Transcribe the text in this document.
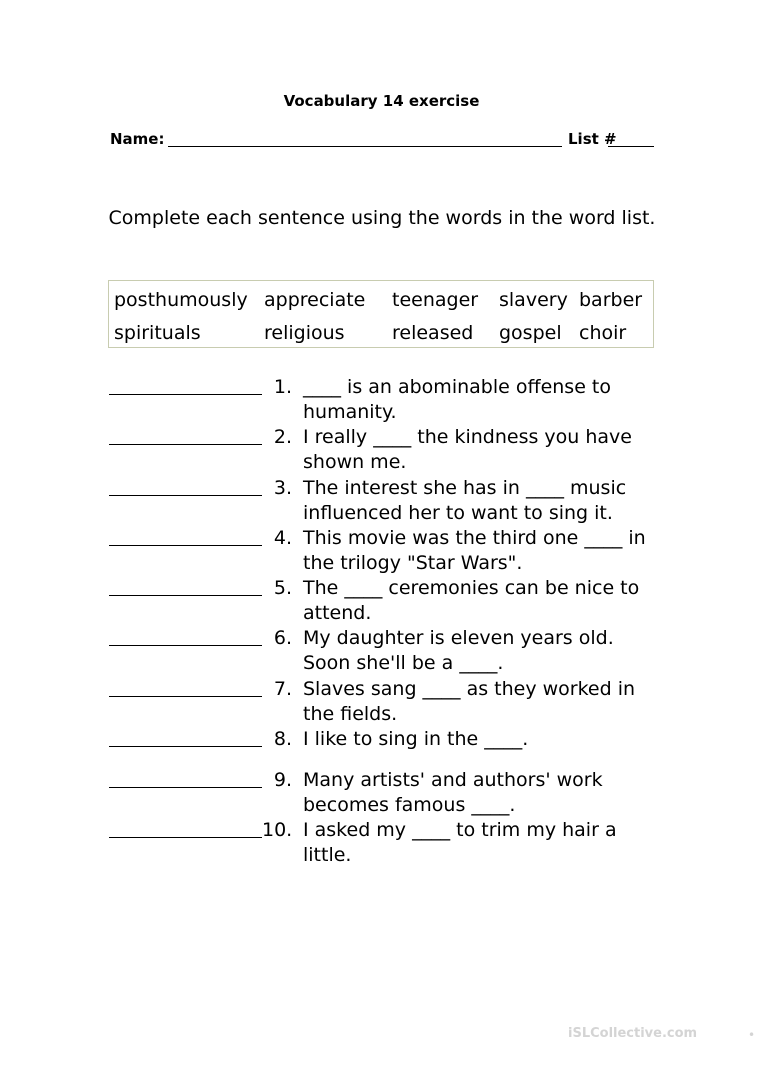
Vocabulary 14 exercise
Name:	List #
Complete each sentence using the words in the word list.
posthumously appreciate teenager slavery barber
spirituals	religious released gospel choir
1. ____ is an abominable offense to humanity.
2. I really ____ the kindness you have shown me.
3. The interest she has in ____ music influenced her to want to sing it.
4. This movie was the third one ____ in the trilogy "Star Wars".
5. The ____ ceremonies can be nice to attend.
6. My daughter is eleven years old. Soon she'll be a ____.
7. Slaves sang ____ as they worked in the fields.
8. I like to sing in the ____.
9. Many artists' and authors' work becomes famous ____.
10. I asked my ____ to trim my hair a little.
iSLCollective.com	•
